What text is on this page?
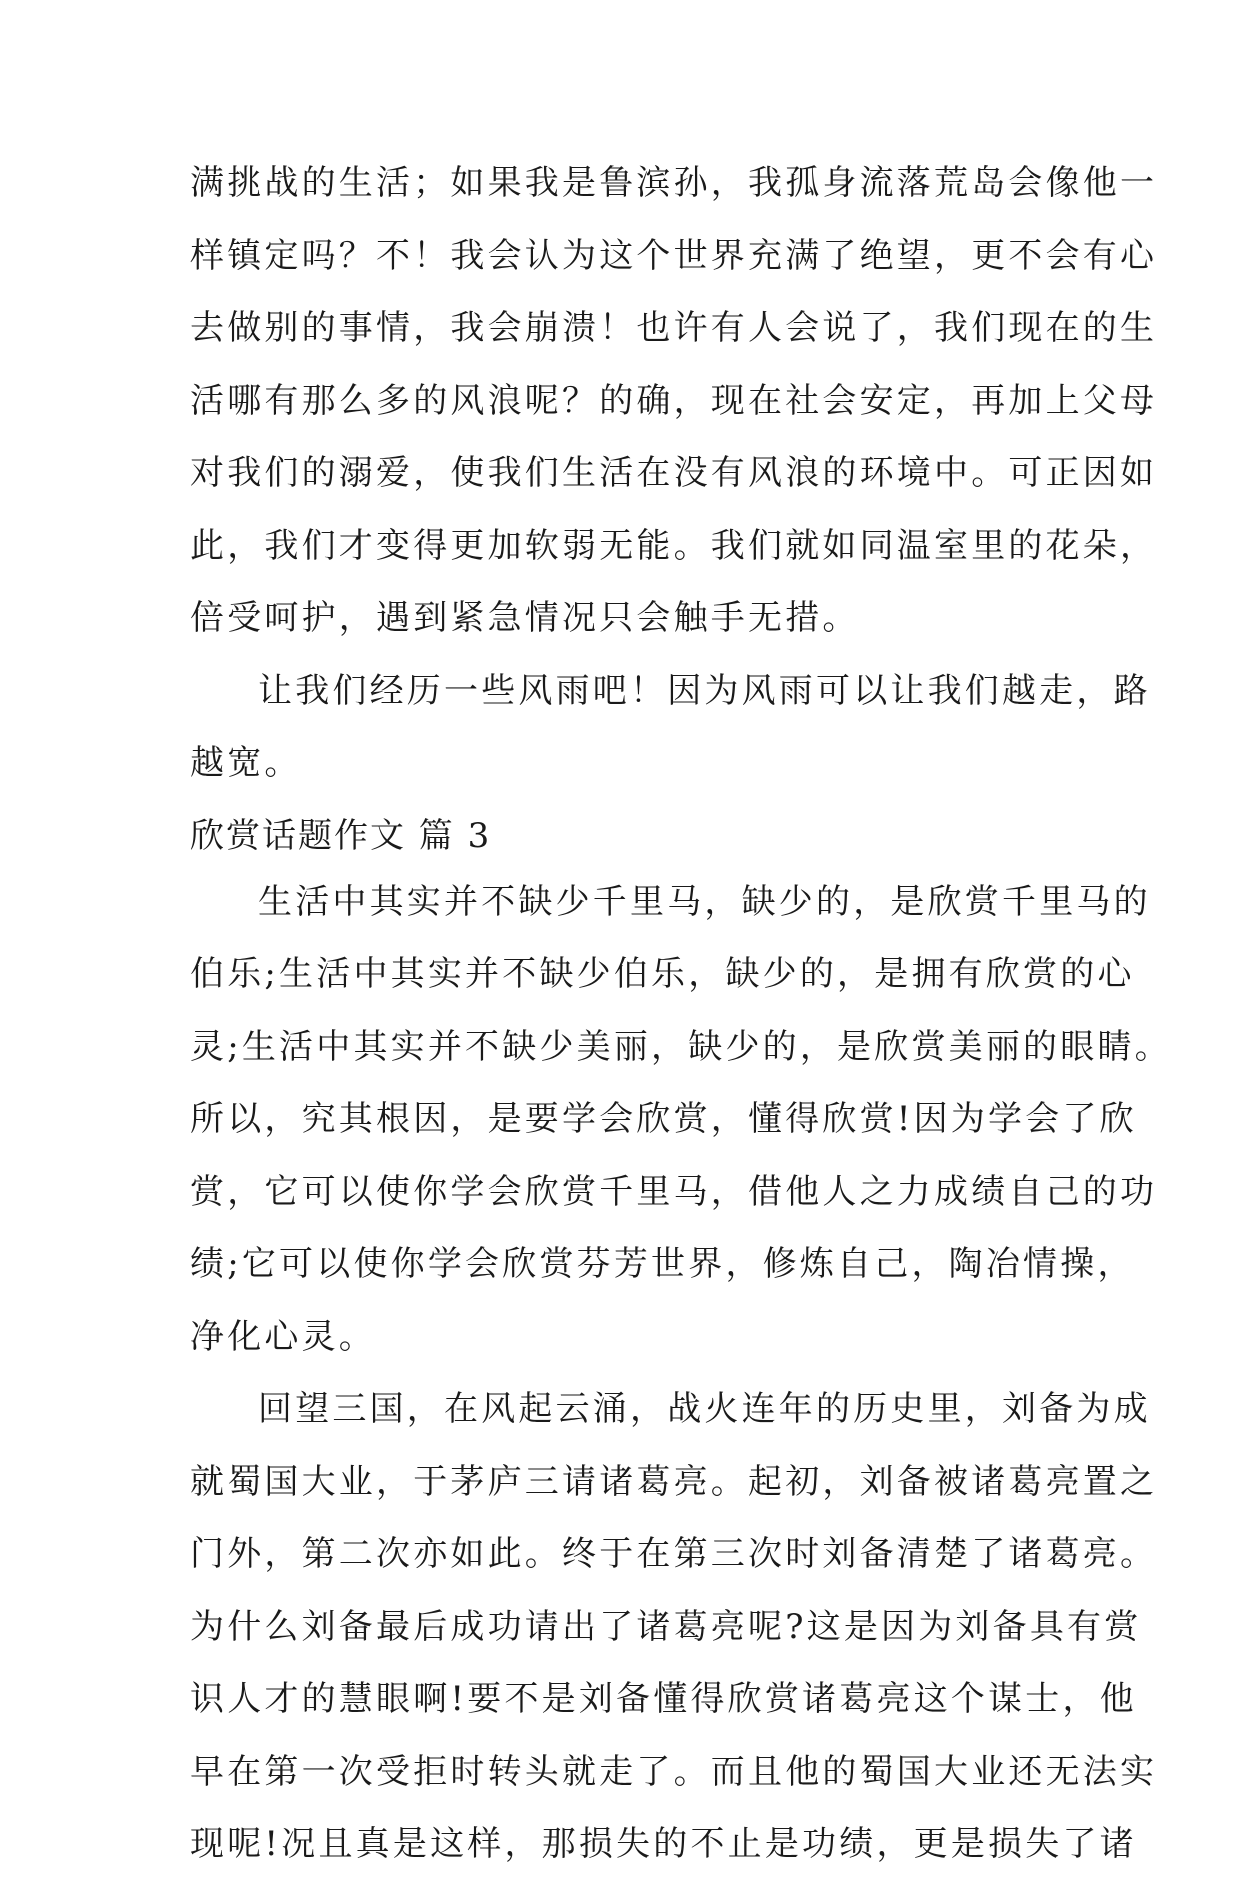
满挑战的生活；如果我是鲁滨孙，我孤身流落荒岛会像他一
样镇定吗？不！我会认为这个世界充满了绝望，更不会有心
去做别的事情，我会崩溃！也许有人会说了，我们现在的生
活哪有那么多的风浪呢？的确，现在社会安定，再加上父母
对我们的溺爱，使我们生活在没有风浪的环境中。可正因如
此，我们才变得更加软弱无能。我们就如同温室里的花朵，
倍受呵护，遇到紧急情况只会触手无措。
让我们经历一些风雨吧！因为风雨可以让我们越走，路
越宽。
欣赏话题作文 篇 3
生活中其实并不缺少千里马，缺少的，是欣赏千里马的
伯乐;生活中其实并不缺少伯乐，缺少的，是拥有欣赏的心
灵;生活中其实并不缺少美丽，缺少的，是欣赏美丽的眼睛。
所以，究其根因，是要学会欣赏，懂得欣赏!因为学会了欣
赏，它可以使你学会欣赏千里马，借他人之力成绩自己的功
绩;它可以使你学会欣赏芬芳世界，修炼自己，陶冶情操，
净化心灵。
回望三国，在风起云涌，战火连年的历史里，刘备为成
就蜀国大业，于茅庐三请诸葛亮。起初，刘备被诸葛亮置之
门外，第二次亦如此。终于在第三次时刘备清楚了诸葛亮。
为什么刘备最后成功请出了诸葛亮呢?这是因为刘备具有赏
识人才的慧眼啊!要不是刘备懂得欣赏诸葛亮这个谋士，他
早在第一次受拒时转头就走了。而且他的蜀国大业还无法实
现呢!况且真是这样，那损失的不止是功绩，更是损失了诸
